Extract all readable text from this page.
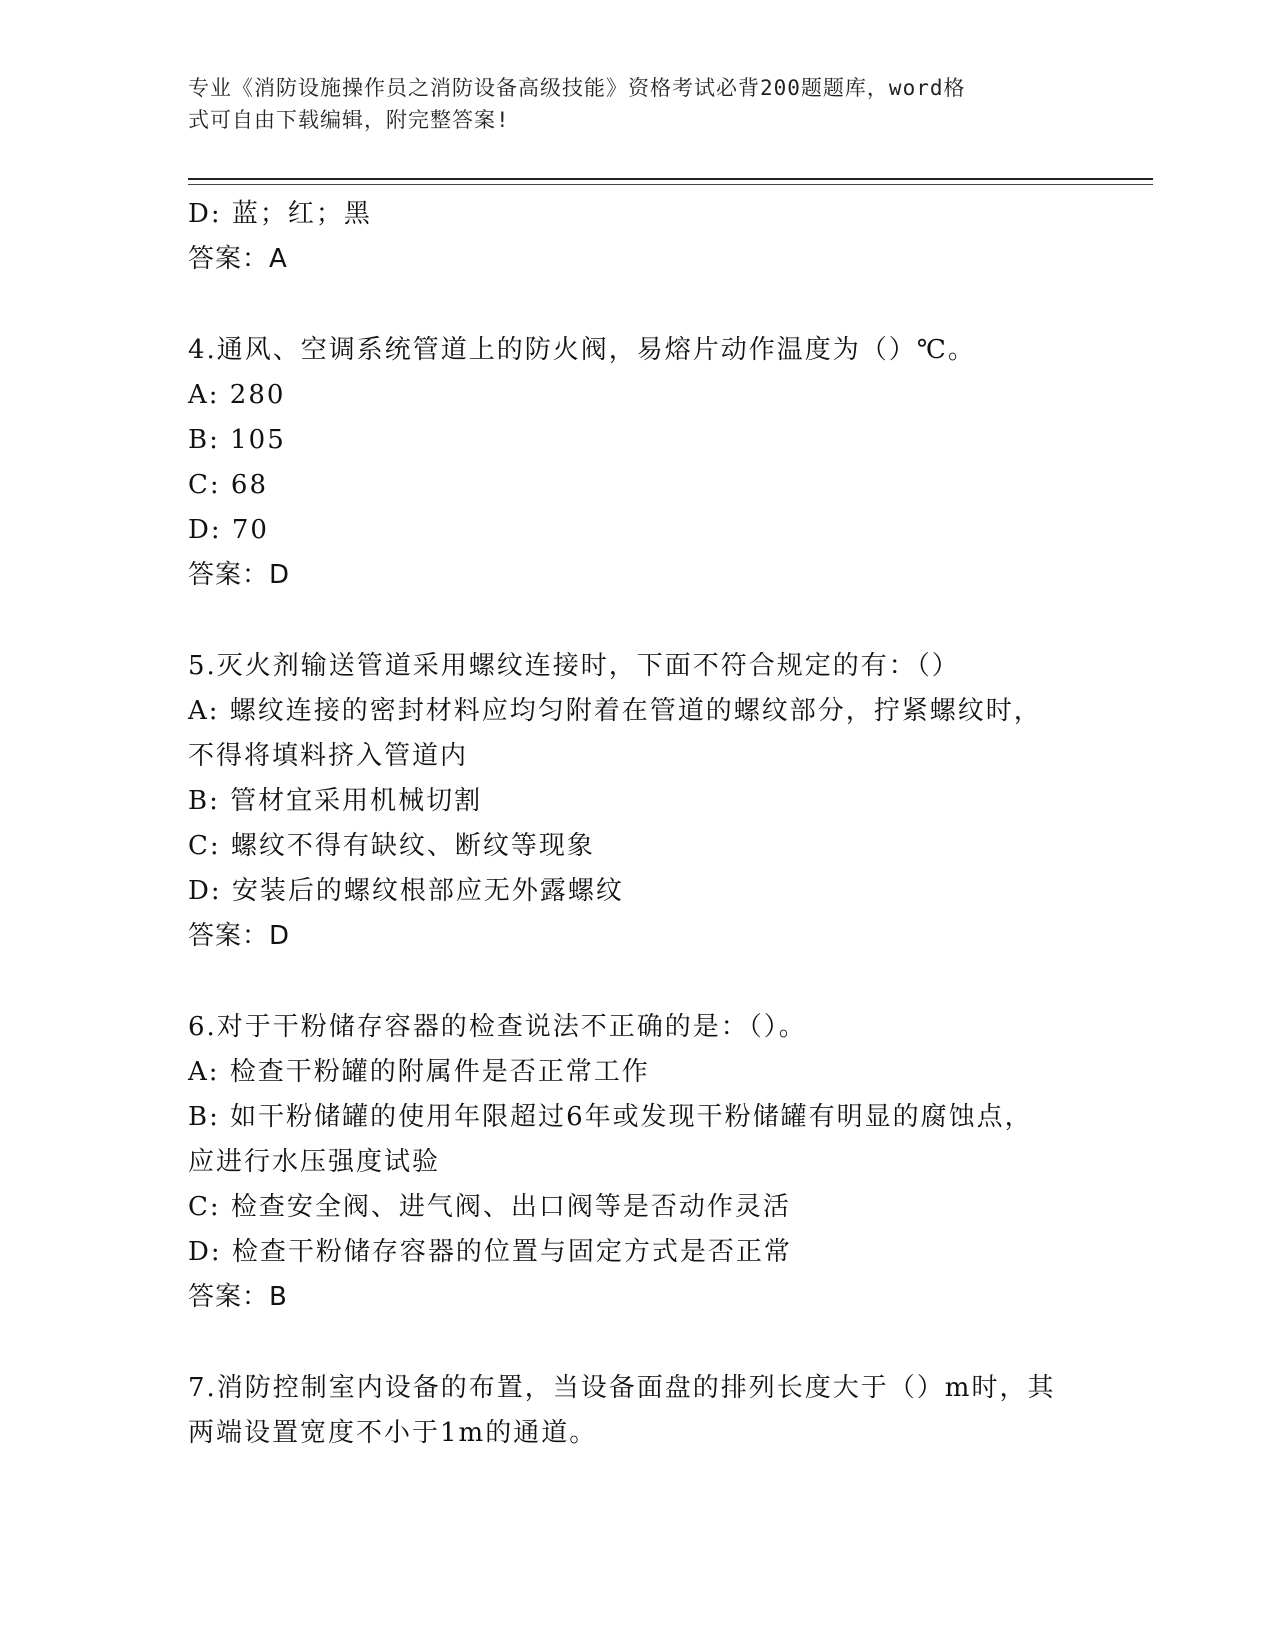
专业《消防设施操作员之消防设备高级技能》资格考试必背200题题库，word格
式可自由下载编辑，附完整答案!
D: 蓝；红；黑
答案：A
4.通风、空调系统管道上的防火阀，易熔片动作温度为（）℃。
A: 280
B: 105
C: 68
D: 70
答案：D
5.灭火剂输送管道采用螺纹连接时，下面不符合规定的有：（）
A: 螺纹连接的密封材料应均匀附着在管道的螺纹部分，拧紧螺纹时，
不得将填料挤入管道内
B: 管材宜采用机械切割
C: 螺纹不得有缺纹、断纹等现象
D: 安装后的螺纹根部应无外露螺纹
答案：D
6.对于干粉储存容器的检查说法不正确的是：（）。
A: 检查干粉罐的附属件是否正常工作
B: 如干粉储罐的使用年限超过6年或发现干粉储罐有明显的腐蚀点，
应进行水压强度试验
C: 检查安全阀、进气阀、出口阀等是否动作灵活
D: 检查干粉储存容器的位置与固定方式是否正常
答案：B
7.消防控制室内设备的布置，当设备面盘的排列长度大于（）m时，其
两端设置宽度不小于1m的通道。
